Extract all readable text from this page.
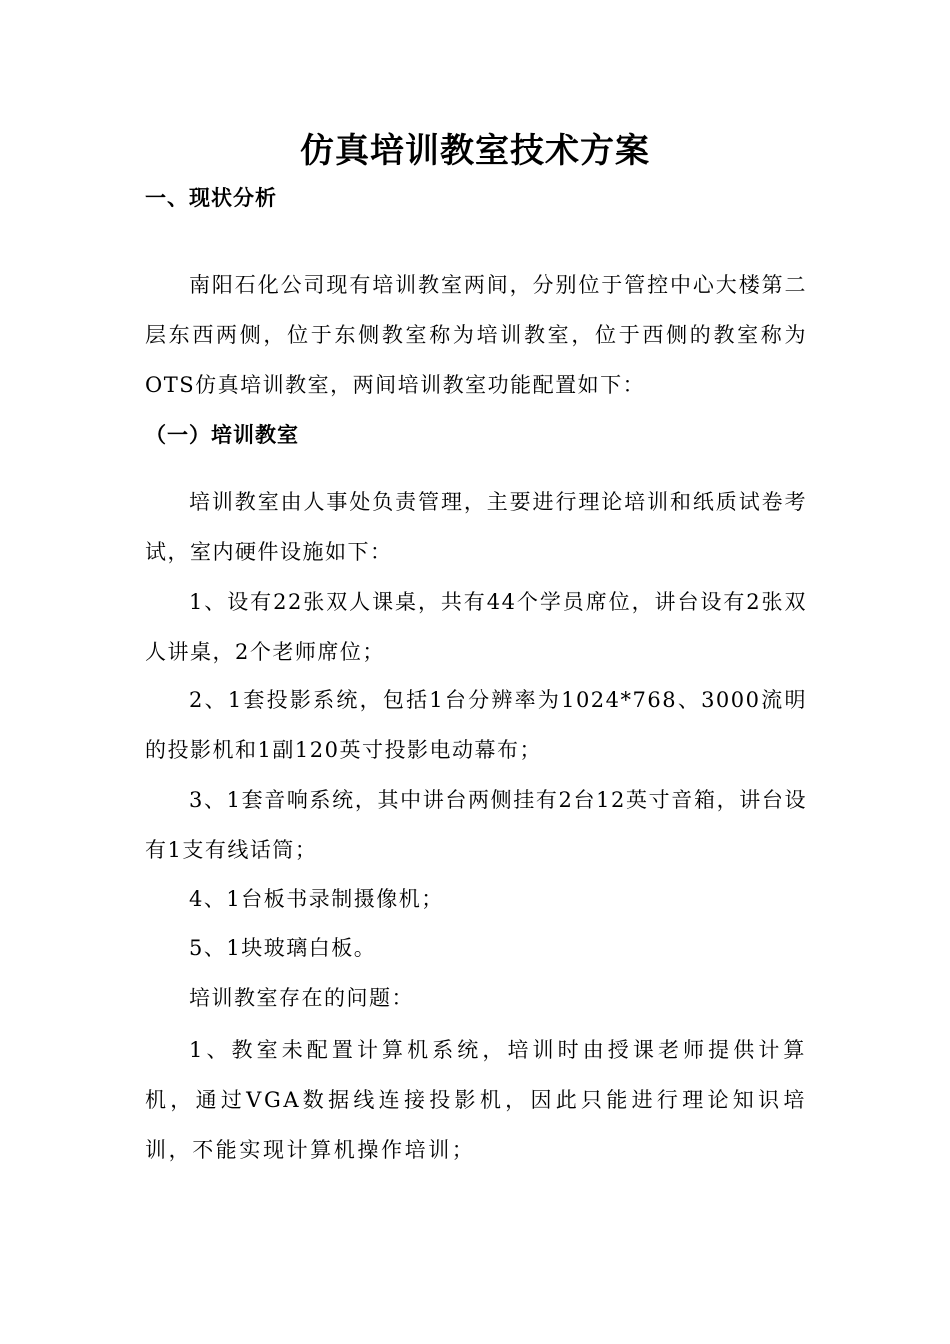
仿真培训教室技术方案
一、现状分析

南阳石化公司现有培训教室两间，分别位于管控中心大楼第二层东西两侧，位于东侧教室称为培训教室，位于西侧的教室称为OTS仿真培训教室，两间培训教室功能配置如下：

（一）培训教室

培训教室由人事处负责管理，主要进行理论培训和纸质试卷考试，室内硬件设施如下：

1、设有22张双人课桌，共有44个学员席位，讲台设有2张双人讲桌，2个老师席位；

2、1套投影系统，包括1台分辨率为1024*768、3000流明的投影机和1副120英寸投影电动幕布；

3、1套音响系统，其中讲台两侧挂有2台12英寸音箱，讲台设有1支有线话筒；

4、1台板书录制摄像机；

5、1块玻璃白板。

培训教室存在的问题：

1、教室未配置计算机系统，培训时由授课老师提供计算机，通过VGA数据线连接投影机，因此只能进行理论知识培训，不能实现计算机操作培训；
